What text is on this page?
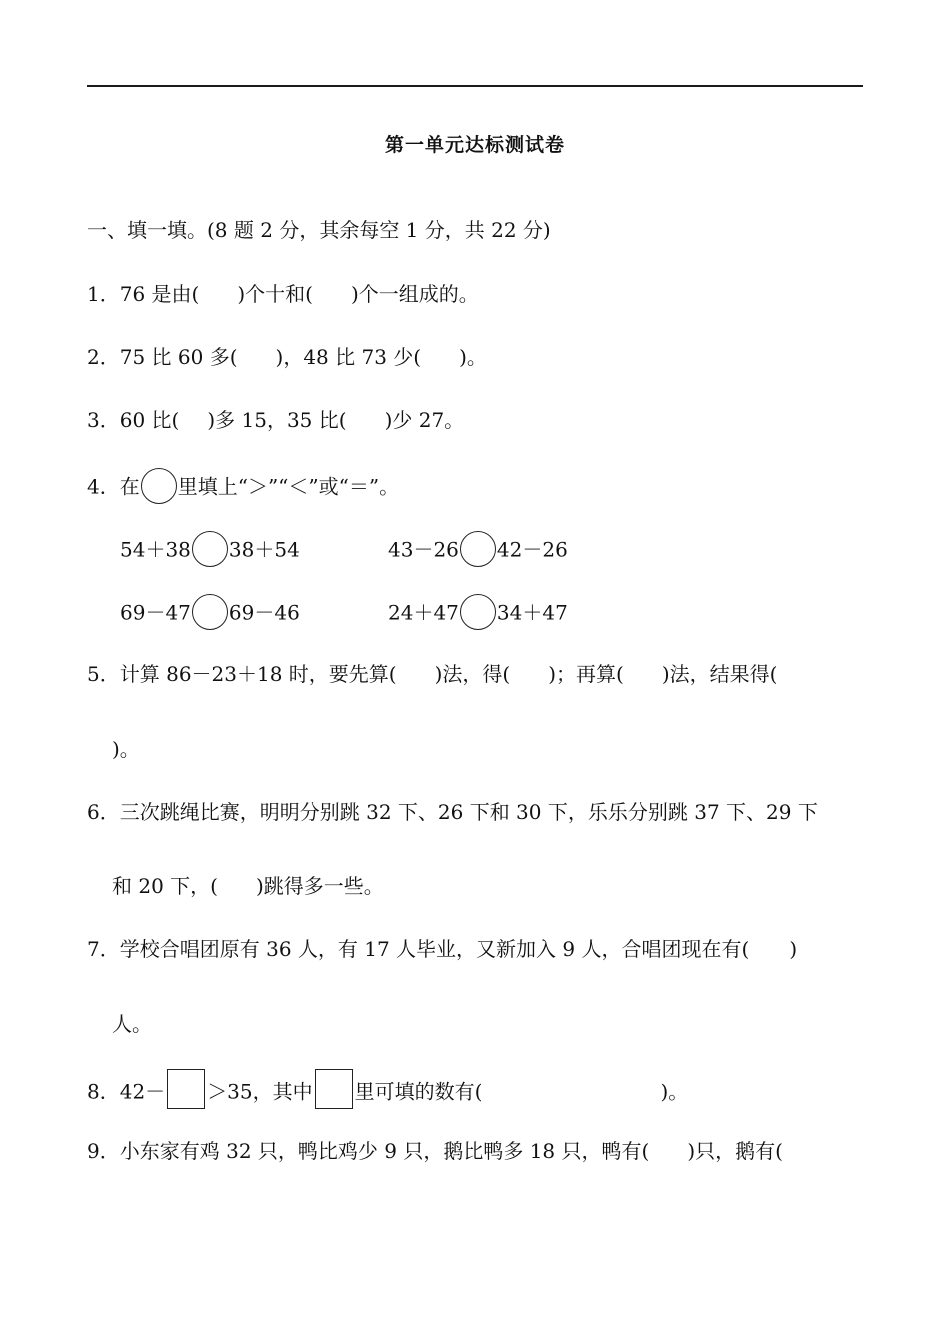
第一单元达标测试卷
一、填一填。(8 题 2 分，其余每空 1 分，共 22 分)
1．76 是由( )个十和( )个一组成的。
2．75 比 60 多( )，48 比 73 少( )。
3．60 比( )多 15，35 比( )少 27。
4．在 里填上“＞”“＜”或“＝”。
54＋38 38＋54	43－26 42－26
69－47 69－46	24＋47 34＋47
5．计算 86－23＋18 时，要先算( )法，得( )；再算( )法，结果得(
)。
6．三次跳绳比赛，明明分别跳 32 下、26 下和 30 下，乐乐分别跳 37 下、29 下
和 20 下，( )跳得多一些。
7．学校合唱团原有 36 人，有 17 人毕业，又新加入 9 人，合唱团现在有( )
人。
8．42－ ＞35，其中 里可填的数有(	)。
9．小东家有鸡 32 只，鸭比鸡少 9 只，鹅比鸭多 18 只，鸭有( )只，鹅有(
